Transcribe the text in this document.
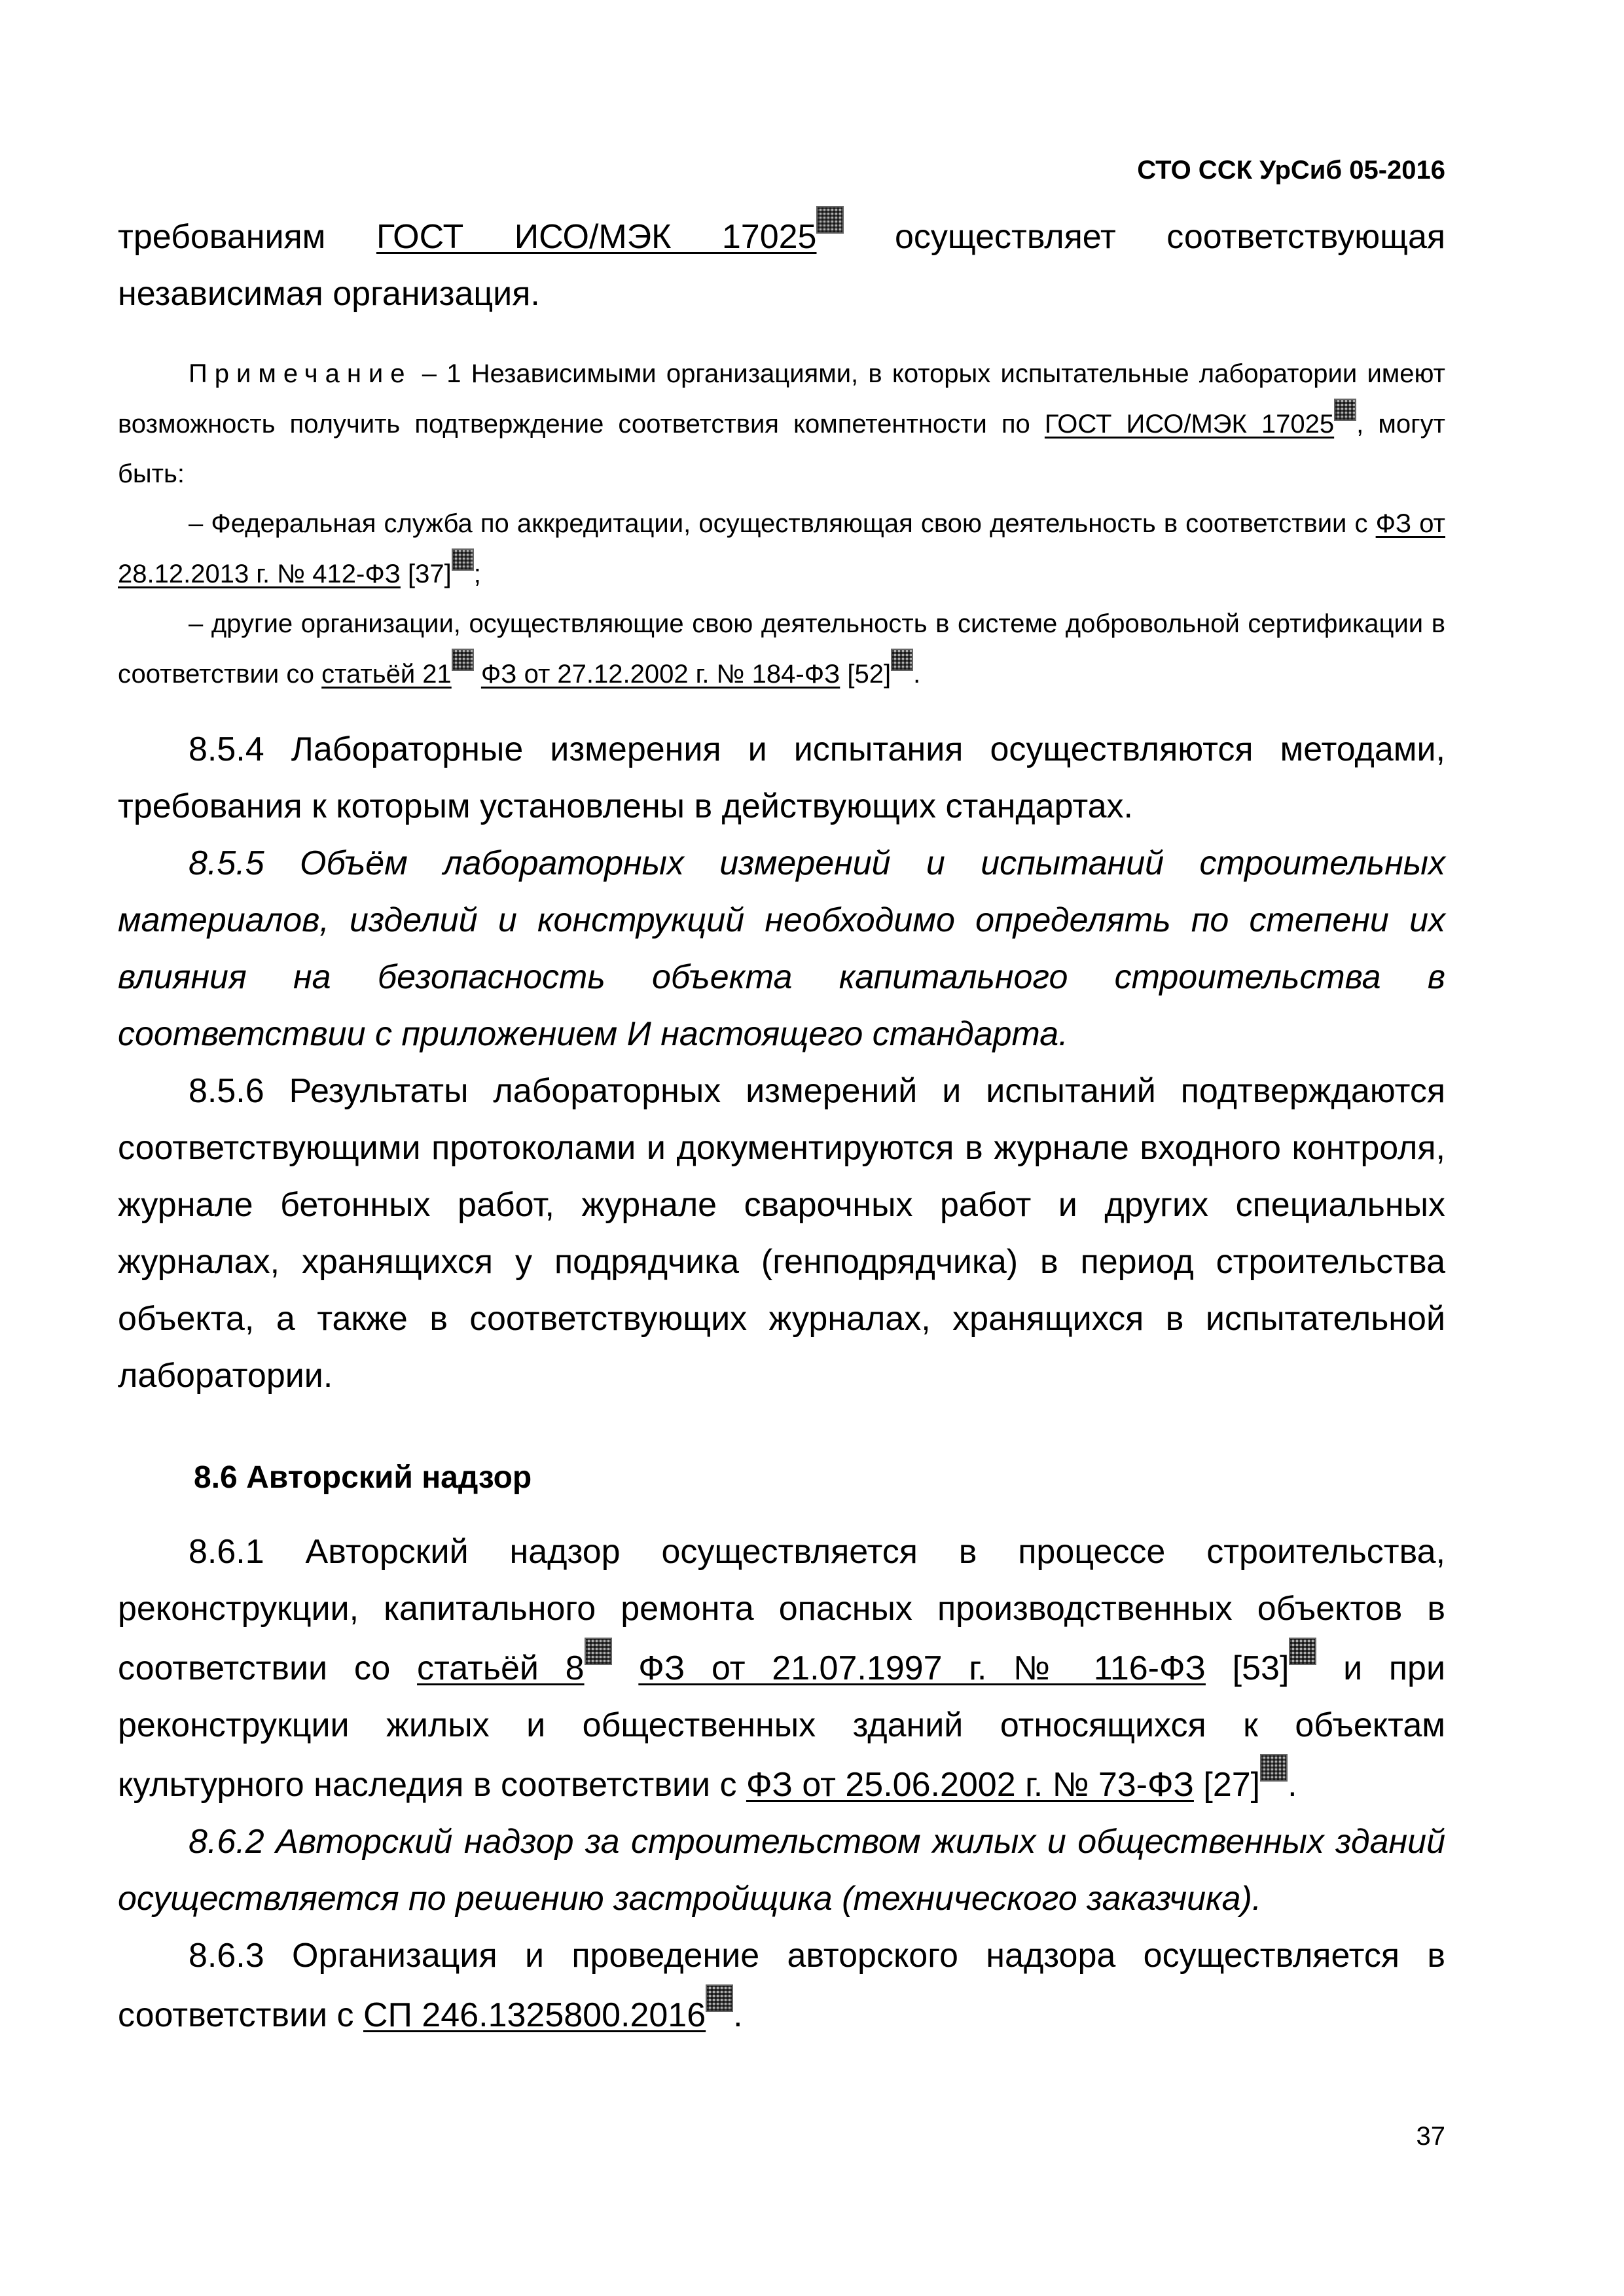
СТО ССК УрСиб 05-2016

требованиям ГОСТ ИСО/МЭК 17025 осуществляет соответствующая независимая организация.

Примечание – 1 Независимыми организациями, в которых испытательные лаборатории имеют возможность получить подтверждение соответствия компетентности по ГОСТ ИСО/МЭК 17025 , могут быть:

– Федеральная служба по аккредитации, осуществляющая свою деятельность в соответствии с ФЗ от 28.12.2013 г. № 412-ФЗ [37] ;

– другие организации, осуществляющие свою деятельность в системе добровольной сертификации в соответствии со статьёй 21 ФЗ от 27.12.2002 г. № 184-ФЗ [52] .

8.5.4 Лабораторные измерения и испытания осуществляются методами, требования к которым установлены в действующих стандартах.

8.5.5 Объём лабораторных измерений и испытаний строительных материалов, изделий и конструкций необходимо определять по степени их влияния на безопасность объекта капитального строительства в соответствии с приложением И настоящего стандарта.

8.5.6 Результаты лабораторных измерений и испытаний подтверждаются соответствующими протоколами и документируются в журнале входного контроля, журнале бетонных работ, журнале сварочных работ и других специальных журналах, хранящихся у подрядчика (генподрядчика) в период строительства объекта, а также в соответствующих журналах, хранящихся в испытательной лаборатории.

8.6 Авторский надзор

8.6.1 Авторский надзор осуществляется в процессе строительства, реконструкции, капитального ремонта опасных производственных объектов в соответствии со статьёй 8 ФЗ от 21.07.1997 г. № 116-ФЗ [53] и при реконструкции жилых и общественных зданий относящихся к объектам культурного наследия в соответствии с ФЗ от 25.06.2002 г. № 73-ФЗ [27] .

8.6.2 Авторский надзор за строительством жилых и общественных зданий осуществляется по решению застройщика (технического заказчика).

8.6.3 Организация и проведение авторского надзора осуществляется в соответствии с СП 246.1325800.2016 .

37
